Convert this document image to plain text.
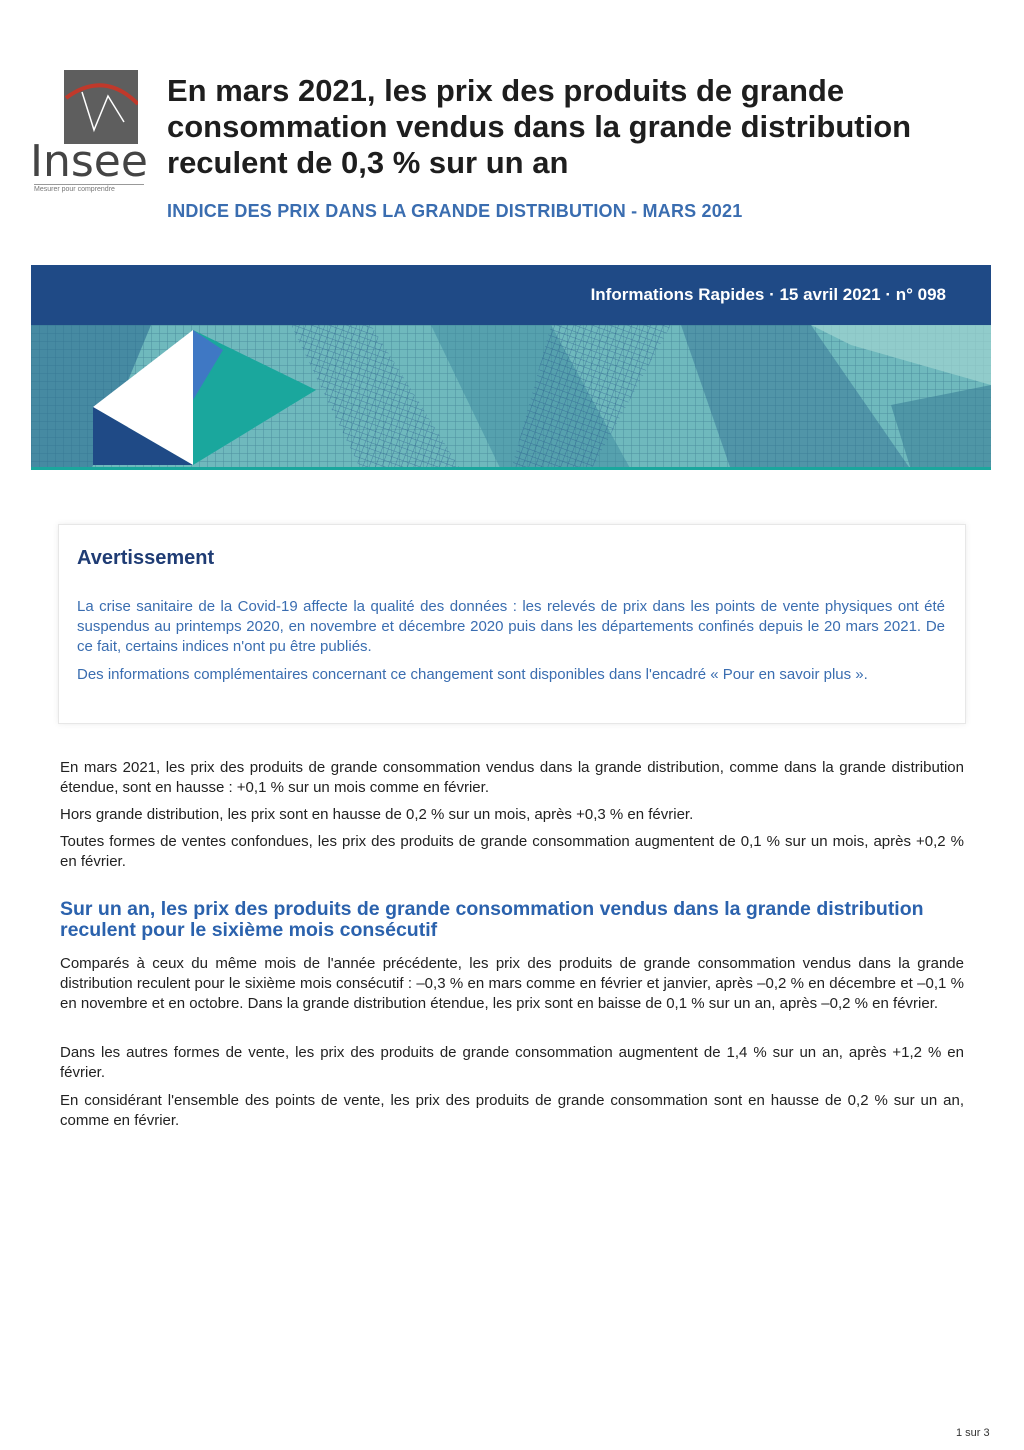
Insee
Mesurer pour comprendre
En mars 2021, les prix des produits de grande consommation vendus dans la grande distribution reculent de 0,3 % sur un an
INDICE DES PRIX DANS LA GRANDE DISTRIBUTION - MARS 2021
Informations Rapides · 15 avril 2021 · n° 098
Avertissement

La crise sanitaire de la Covid-19 affecte la qualité des données : les relevés de prix dans les points de vente physiques ont été suspendus au printemps 2020, en novembre et décembre 2020 puis dans les départements confinés depuis le 20 mars 2021. De ce fait, certains indices n'ont pu être publiés.

Des informations complémentaires concernant ce changement sont disponibles dans l'encadré « Pour en savoir plus ».

En mars 2021, les prix des produits de grande consommation vendus dans la grande distribution, comme dans la grande distribution étendue, sont en hausse : +0,1 % sur un mois comme en février.

Hors grande distribution, les prix sont en hausse de 0,2 % sur un mois, après +0,3 % en février.

Toutes formes de ventes confondues, les prix des produits de grande consommation augmentent de 0,1 % sur un mois, après +0,2 % en février.

Sur un an, les prix des produits de grande consommation vendus dans la grande distribution reculent pour le sixième mois consécutif

Comparés à ceux du même mois de l'année précédente, les prix des produits de grande consommation vendus dans la grande distribution reculent pour le sixième mois consécutif : –0,3 % en mars comme en février et janvier, après –0,2 % en décembre et –0,1 % en novembre et en octobre. Dans la grande distribution étendue, les prix sont en baisse de 0,1 % sur un an, après –0,2 % en février.

Dans les autres formes de vente, les prix des produits de grande consommation augmentent de 1,4 % sur un an, après +1,2 % en février.

En considérant l'ensemble des points de vente, les prix des produits de grande consommation sont en hausse de 0,2 % sur un an, comme en février.

1 sur 3
